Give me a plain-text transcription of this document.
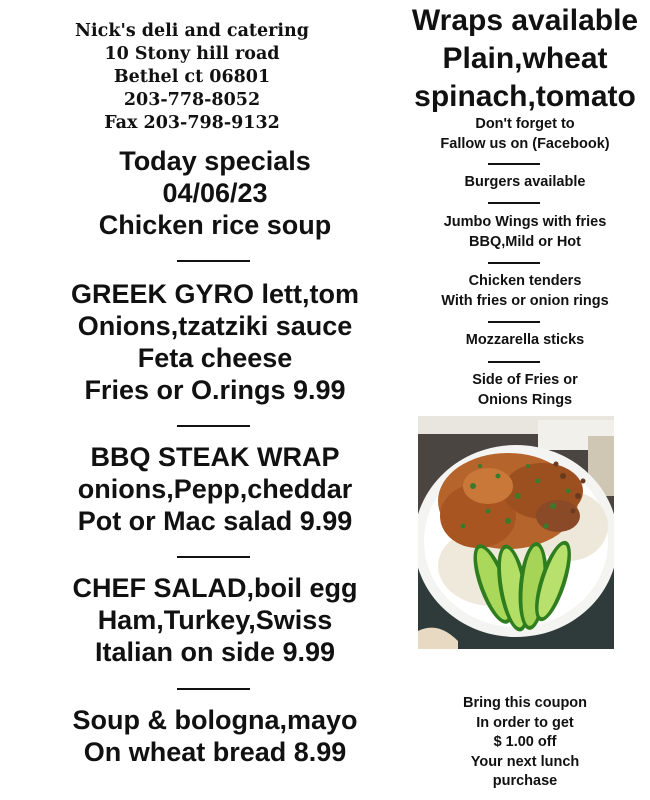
Nick's deli and catering
10 Stony hill road
Bethel ct 06801
203-778-8052
Fax 203-798-9132
Today specials
04/06/23
Chicken rice soup
GREEK GYRO lett,tom
Onions,tzatziki sauce
Feta cheese
Fries or O.rings 9.99
BBQ STEAK WRAP
onions,Pepp,cheddar
Pot or Mac salad 9.99
CHEF SALAD,boil egg
Ham,Turkey,Swiss
Italian on side 9.99
Soup & bologna,mayo
On wheat bread 8.99
Wraps available
Plain,wheat
spinach,tomato
Don't forget to
Fallow us on (Facebook)
Burgers available
Jumbo Wings with fries
BBQ,Mild or Hot
Chicken tenders
With fries or onion rings
Mozzarella sticks
Side of Fries or
Onions Rings
Bring this coupon
In order to get
$ 1.00 off
Your next lunch
purchase
